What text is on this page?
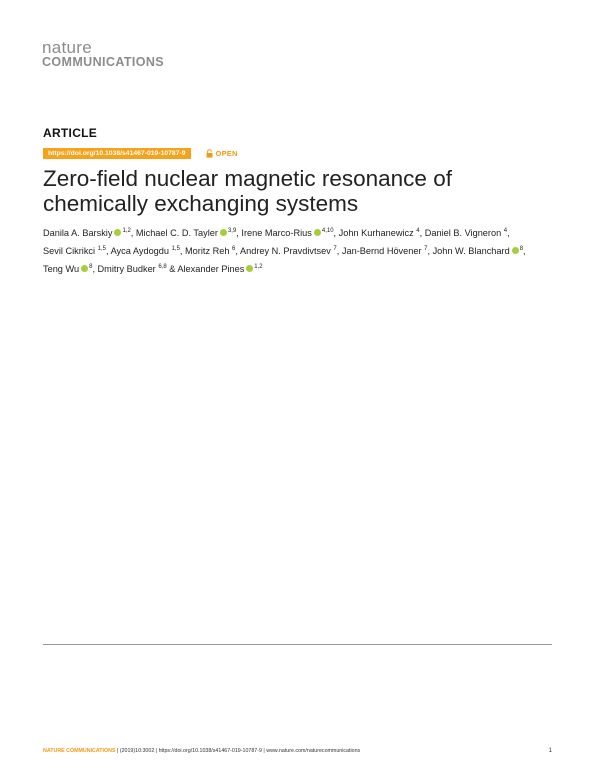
nature
COMMUNICATIONS
ARTICLE
https://doi.org/10.1038/s41467-019-10787-9	OPEN
Zero-field nuclear magnetic resonance of chemically exchanging systems
Danila A. Barskiy $^{1,2}$, Michael C. D. Tayler $^{3,9}$, Irene Marco-Rius $^{4,10}$, John Kurhanewicz $^4$, Daniel B. Vigneron $^4$, Sevil Cikrikci $^{1,5}$, Ayca Aydogdu $^{1,5}$, Moritz Reh $^6$, Andrey N. Pravdivtsev $^7$, Jan-Bernd Hövener $^7$, John W. Blanchard $^8$, Teng Wu $^8$, Dmitry Budker $^{6,8}$ & Alexander Pines $^{1,2}$

NATURE COMMUNICATIONS | (2019)10:3002 | https://doi.org/10.1038/s41467-019-10787-9 | www.nature.com/naturecommunications	1
